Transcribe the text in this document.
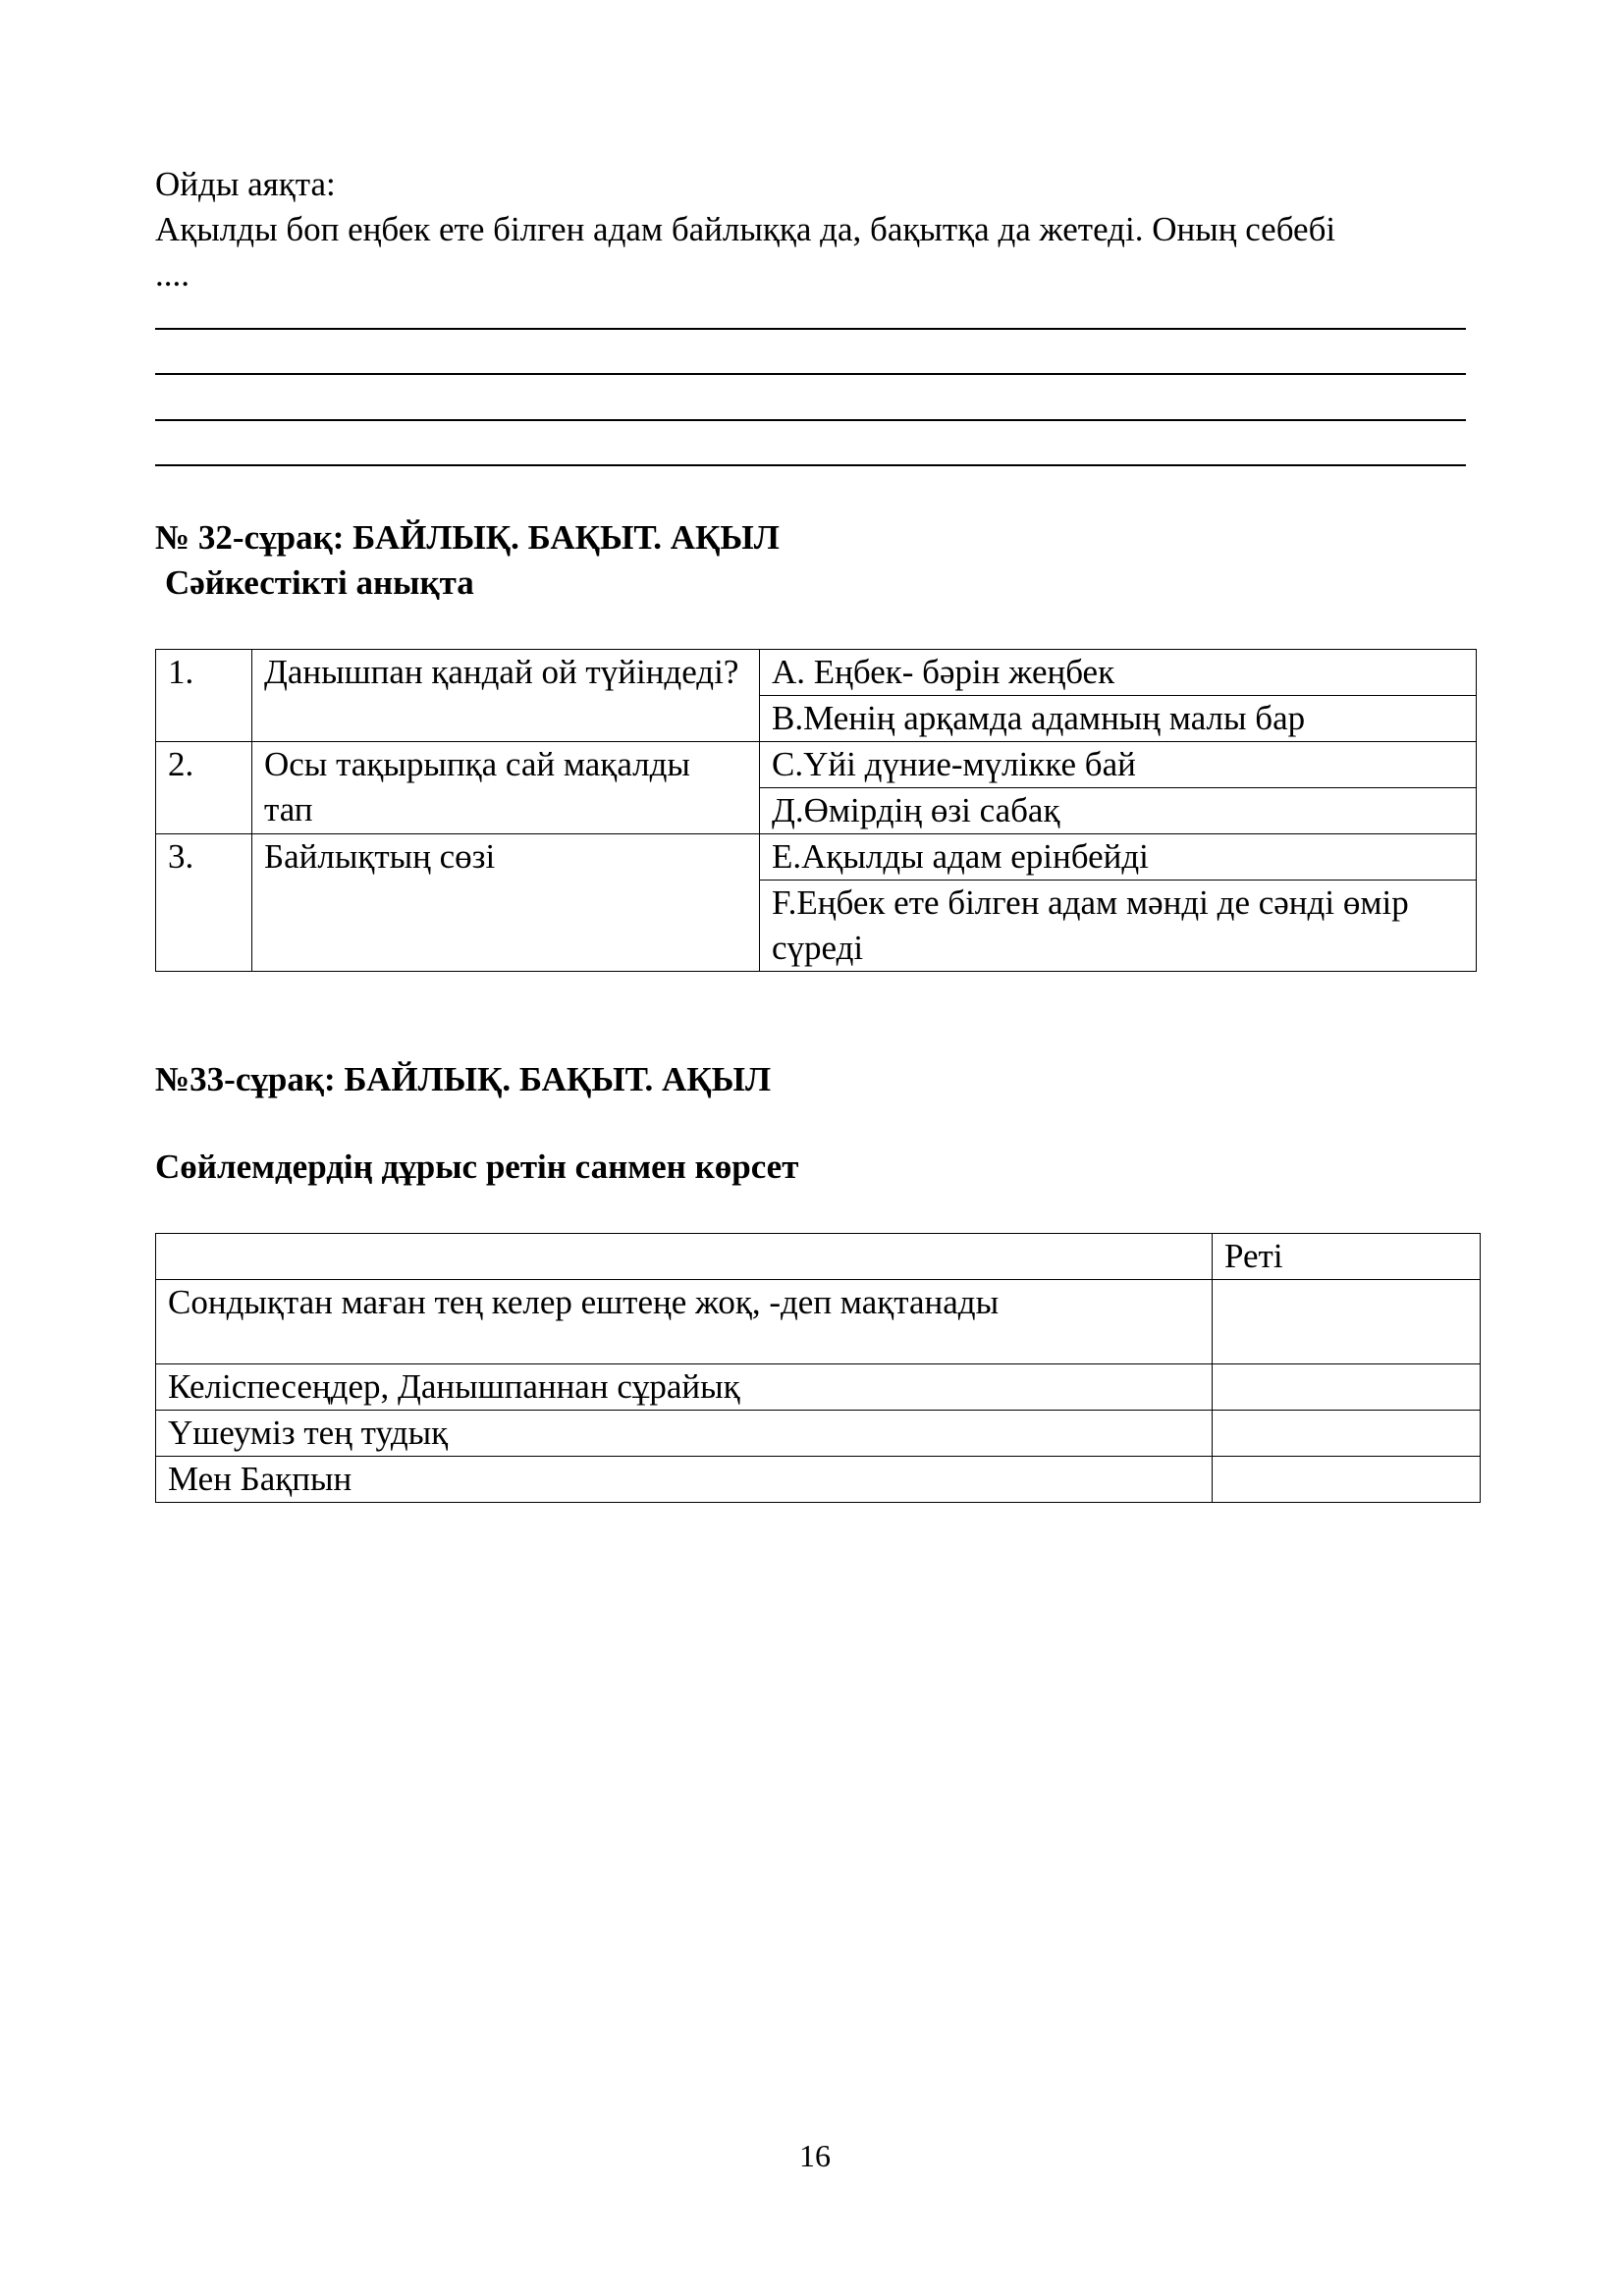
Ойды аяқта:
Ақылды боп еңбек ете білген адам байлыққа да, бақытқа да жетеді. Оның себебі
....
№ 32-сұрақ: БАЙЛЫҚ. БАҚЫТ. АҚЫЛ
Сәйкестікті анықта
1.	Данышпан қандай ой түйіндеді?	А. Еңбек- бәрін жеңбек
		В.Менің арқамда адамның малы бар
2.	Осы тақырыпқа сай мақалды тап	С.Үйі дүние-мүлікке бай
		Д.Өмірдің өзі сабақ
3.	Байлықтың сөзі	Е.Ақылды адам ерінбейді
		F.Еңбек ете білген адам мәнді де сәнді өмір сүреді
№33-сұрақ: БАЙЛЫҚ. БАҚЫТ. АҚЫЛ
Сөйлемдердің дұрыс ретін санмен көрсет
	Реті
Сондықтан маған тең келер ештеңе жоқ, -деп мақтанады	
Келіспесеңдер, Данышпаннан сұрайық	
Үшеуміз тең тудық	
Мен Бақпын	
16
